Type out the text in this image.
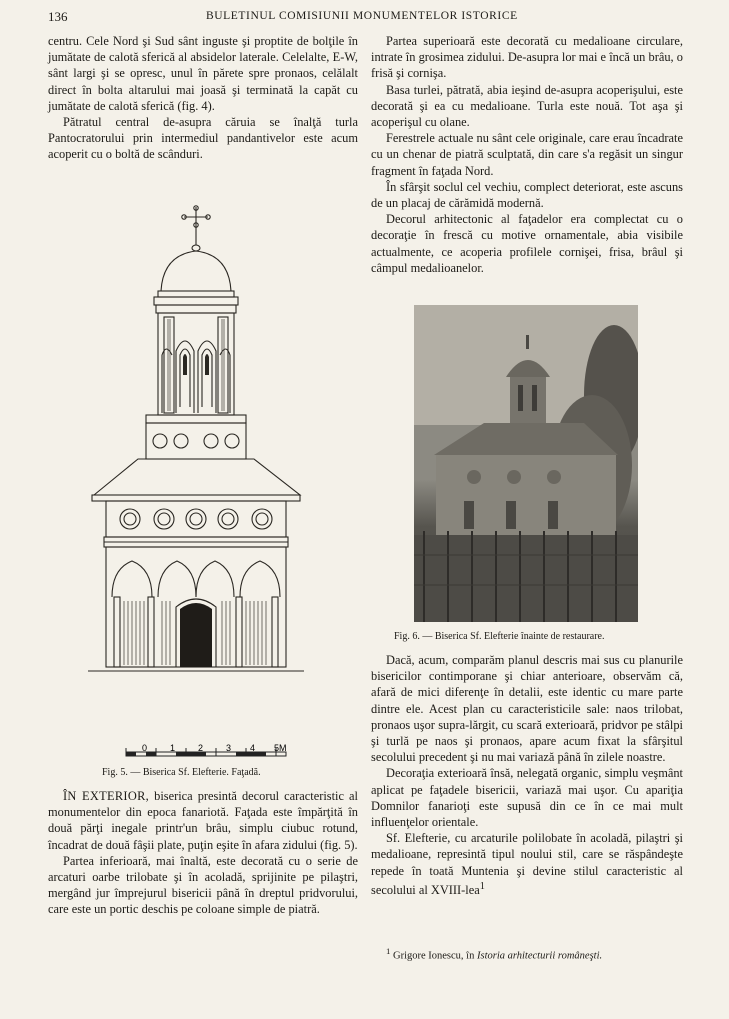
136	BULETINUL COMISIUNII MONUMENTELOR ISTORICE

centru. Cele Nord şi Sud sânt inguste şi proptite de bolţile în jumătate de calotă sferică al absidelor laterale. Celelalte, E-W, sânt largi şi se opresc, unul în părete spre pronaos, celălalt direct în bolta altarului mai joasă şi terminată la capăt cu jumătate de calotă sferică (fig. 4).

Pătratul central de-asupra căruia se înalţă turla Pantocratorului prin intermediul pandantivelor este acum acoperit cu o boltă de scânduri.

0	1	2	3 4 5M
Fig. 5. — Biserica Sf. Elefterie. Faţadă.

ÎN EXTERIOR, biserica presintă decorul caracteristic al monumentelor din epoca fanariotă. Faţada este împărţită în două părţi inegale printr'un brâu, simplu ciubuc rotund, încadrat de două fâşii plate, puţin eşite în afara zidului (fig. 5).

Partea inferioară, mai înaltă, este decorată cu o serie de arcaturi oarbe trilobate şi în acoladă, sprijinite pe pilaştri, mergând jur împrejurul bisericii până în dreptul pridvorului, care este un portic deschis pe coloane simple de piatră.

Partea superioară este decorată cu medalioane circulare, intrate în grosimea zidului. De-asupra lor mai e încă un brâu, o frisă şi cornişa.

Basa turlei, pătrată, abia ieşind de-asupra acoperişului, este decorată şi ea cu medalioane. Turla este nouă. Tot aşa şi acoperişul cu olane.

Ferestrele actuale nu sânt cele originale, care erau încadrate cu un chenar de piatră sculptată, din care s'a regăsit un singur fragment în faţada Nord.

În sfârşit soclul cel vechiu, complect deteriorat, este ascuns de un placaj de cărămidă modernă.

Decorul arhitectonic al faţadelor era complectat cu o decoraţie în frescă cu motive ornamentale, abia visibile actualmente, ce acoperia profilele cornişei, frisa, brâul şi câmpul medalioanelor.

Fig. 6. — Biserica Sf. Elefterie înainte de restaurare.

Dacă, acum, comparăm planul descris mai sus cu planurile bisericilor contimporane şi chiar anterioare, observăm că, afară de mici diferenţe în detalii, este identic cu mare parte dintre ele. Acest plan cu caracteristicile sale: naos trilobat, pronaos uşor supra-lărgit, cu scară exterioară, pridvor pe stâlpi şi turlă pe naos şi pronaos, apare acum fixat la sfârşitul secolului precedent şi nu mai variază până în zilele noastre.

Decoraţia exterioară însă, nelegată organic, simplu veşmânt aplicat pe faţadele bisericii, variază mai uşor. Cu apariţia Domnilor fanarioţi este supusă din ce în ce mai mult influenţelor orientale.

Sf. Elefterie, cu arcaturile polilobate în acoladă, pilaştri şi medalioane, represintă tipul noului stil, care se răspândeşte repede în toată Muntenia şi devine stilul caracteristic al secolului al XVIII-lea$^1$

$^1$ Grigore Ionescu, în Istoria arhitecturii româneşti.
